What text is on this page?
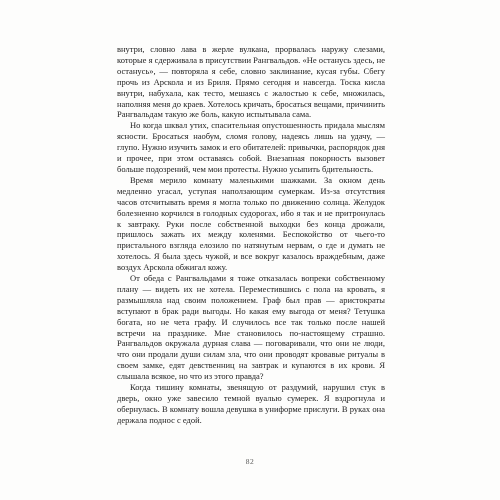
внутри, словно лава в жерле вулкана, прорвалась наружу слезами, которые я сдерживала в присутствии Рангвальдов. «Не останусь здесь, не останусь», — повторяла я себе, словно заклинание, кусая губы. Сбегу прочь из Арскола и из Бриля. Прямо сегодня и навсегда. Тоска кисла внутри, набухала, как тесто, мешаясь с жалостью к себе, множилась, наполняя меня до краев. Хотелось кричать, бросаться вещами, причинить Рангвальдам такую же боль, какую испытывала сама.

Но когда шквал утих, спасительная опустошенность придала мыслям ясности. Бросаться наобум, сломя голову, надеясь лишь на удачу, — глупо. Нужно изучить замок и его обитателей: привычки, распорядок дня и прочее, при этом оставаясь собой. Внезапная покорность вызовет больше подозрений, чем мои протесты. Нужно усыпить бдительность.

Время мерило комнату маленькими шажками. За окном день медленно угасал, уступая наползающим сумеркам. Из-за отсутствия часов отсчитывать время я могла только по движению солнца. Желудок болезненно корчился в голодных судорогах, ибо я так и не притронулась к завтраку. Руки после собственной выходки без конца дрожали, пришлось зажать их между коленями. Беспокойство от чьего-то пристального взгляда елозило по натянутым нервам, о где и думать не хотелось. Я была здесь чужой, и все вокруг казалось враждебным, даже воздух Арскола обжигал кожу.

От обеда с Рангвальдами я тоже отказалась вопреки собственному плану — видеть их не хотела. Переместившись с пола на кровать, я размышляла над своим положением. Граф был прав — аристократы вступают в брак ради выгоды. Но какая ему выгода от меня? Тетушка богата, но не чета графу. И случилось все так только после нашей встречи на празднике. Мне становилось по-настоящему страшно. Рангвальдов окружала дурная слава — поговаривали, что они не люди, что они продали души силам зла, что они проводят кровавые ритуалы в своем замке, едят девственниц на завтрак и купаются в их крови. Я слышала всякое, но что из этого правда?

Когда тишину комнаты, звенящую от раздумий, нарушил стук в дверь, окно уже завесило темной вуалью сумерек. Я вздрогнула и обернулась. В комнату вошла девушка в униформе прислуги. В руках она держала поднос с едой.

82
